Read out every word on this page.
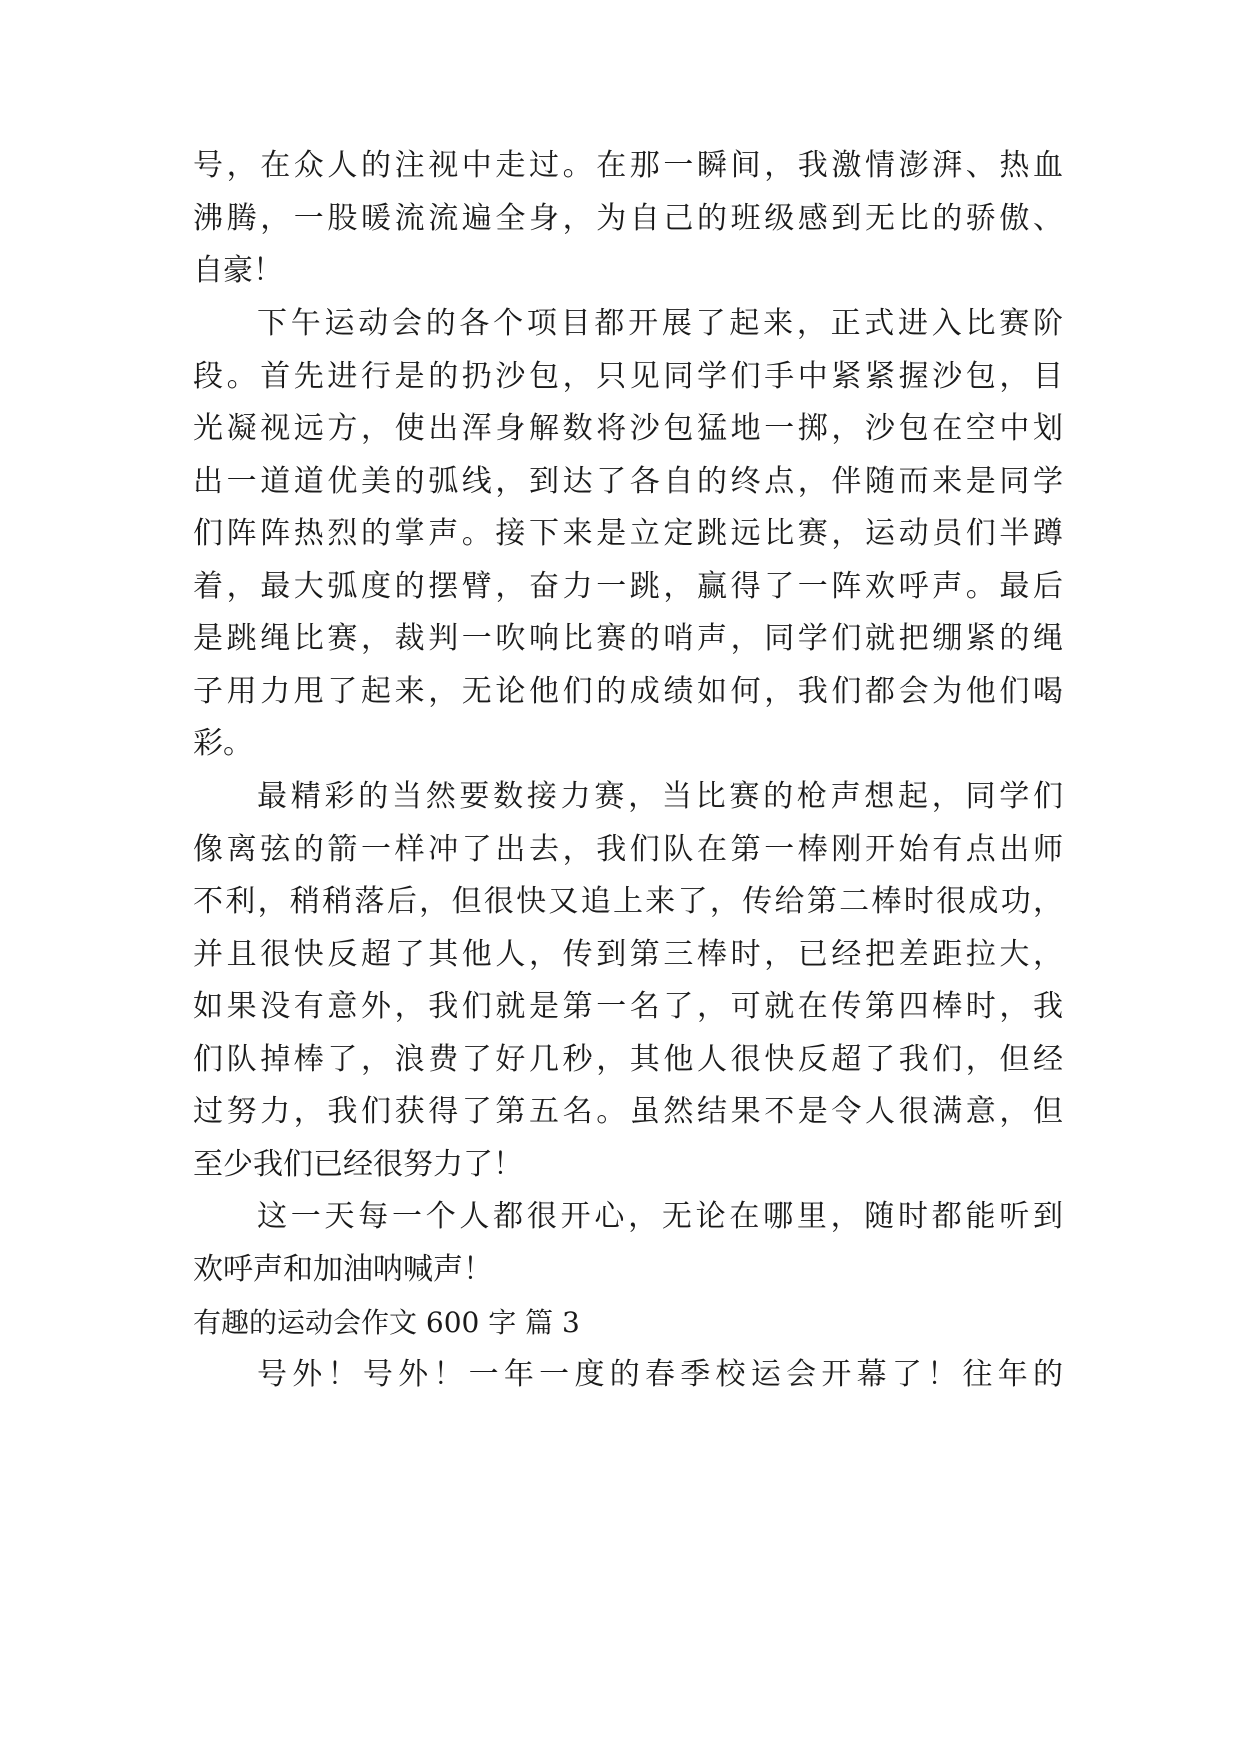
号，在众人的注视中走过。在那一瞬间，我激情澎湃、热血
沸腾，一股暖流流遍全身，为自己的班级感到无比的骄傲、
自豪！
下午运动会的各个项目都开展了起来，正式进入比赛阶
段。首先进行是的扔沙包，只见同学们手中紧紧握沙包，目
光凝视远方，使出浑身解数将沙包猛地一掷，沙包在空中划
出一道道优美的弧线，到达了各自的终点，伴随而来是同学
们阵阵热烈的掌声。接下来是立定跳远比赛，运动员们半蹲
着，最大弧度的摆臂，奋力一跳，赢得了一阵欢呼声。最后
是跳绳比赛，裁判一吹响比赛的哨声，同学们就把绷紧的绳
子用力甩了起来，无论他们的成绩如何，我们都会为他们喝
彩。
最精彩的当然要数接力赛，当比赛的枪声想起，同学们
像离弦的箭一样冲了出去，我们队在第一棒刚开始有点出师
不利，稍稍落后，但很快又追上来了，传给第二棒时很成功，
并且很快反超了其他人，传到第三棒时，已经把差距拉大，
如果没有意外，我们就是第一名了，可就在传第四棒时，我
们队掉棒了，浪费了好几秒，其他人很快反超了我们，但经
过努力，我们获得了第五名。虽然结果不是令人很满意，但
至少我们已经很努力了！
这一天每一个人都很开心，无论在哪里，随时都能听到
欢呼声和加油呐喊声！
有趣的运动会作文 600 字 篇 3
号外！号外！一年一度的春季校运会开幕了！往年的
